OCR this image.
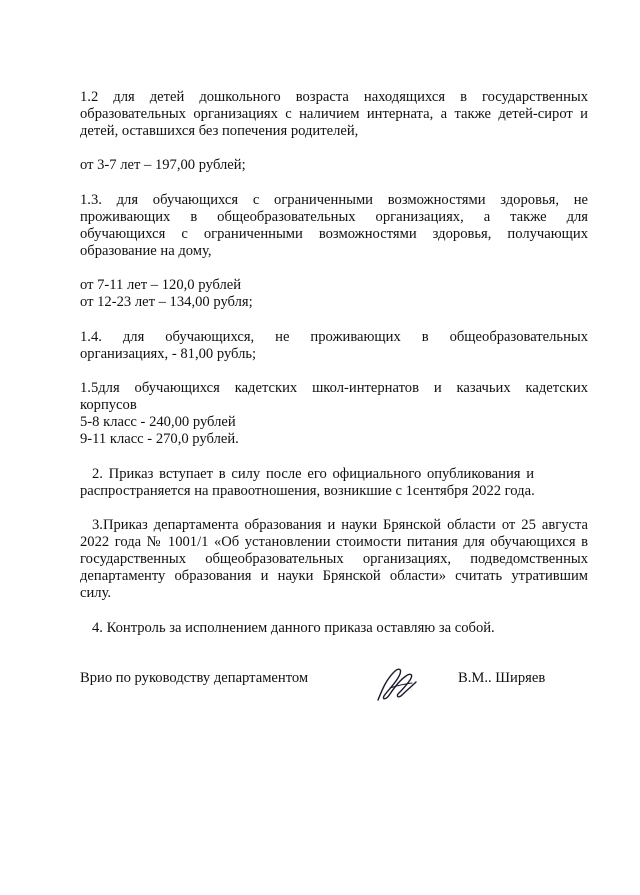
1.2 для детей дошкольного возраста находящихся в государственных
образовательных организациях с наличием интерната, а также детей-сирот и
детей, оставшихся без попечения родителей,
от 3-7 лет – 197,00 рублей;
1.3. для обучающихся с ограниченными возможностями здоровья, не
проживающих в общеобразовательных организациях, а также для
обучающихся с ограниченными возможностями здоровья, получающих
образование на дому,
от 7-11 лет – 120,0 рублей
от 12-23 лет – 134,00 рубля;
1.4. для обучающихся, не проживающих в общеобразовательных
организациях, - 81,00 рубль;
1.5для обучающихся кадетских школ-интернатов и казачьих кадетских
корпусов
5-8 класс - 240,00 рублей
9-11 класс - 270,0 рублей.
2. Приказ вступает в силу после его официального опубликования и
распространяется на правоотношения, возникшие с 1сентября 2022 года.
3.Приказ департамента образования и науки Брянской области от 25 августа
2022 года № 1001/1 «Об установлении стоимости питания для обучающихся в
государственных общеобразовательных организациях, подведомственных
департаменту образования и науки Брянской области» считать утратившим
силу.
4. Контроль за исполнением данного приказа оставляю за собой.
Врио по руководству департаментом	В.М.. Ширяев
